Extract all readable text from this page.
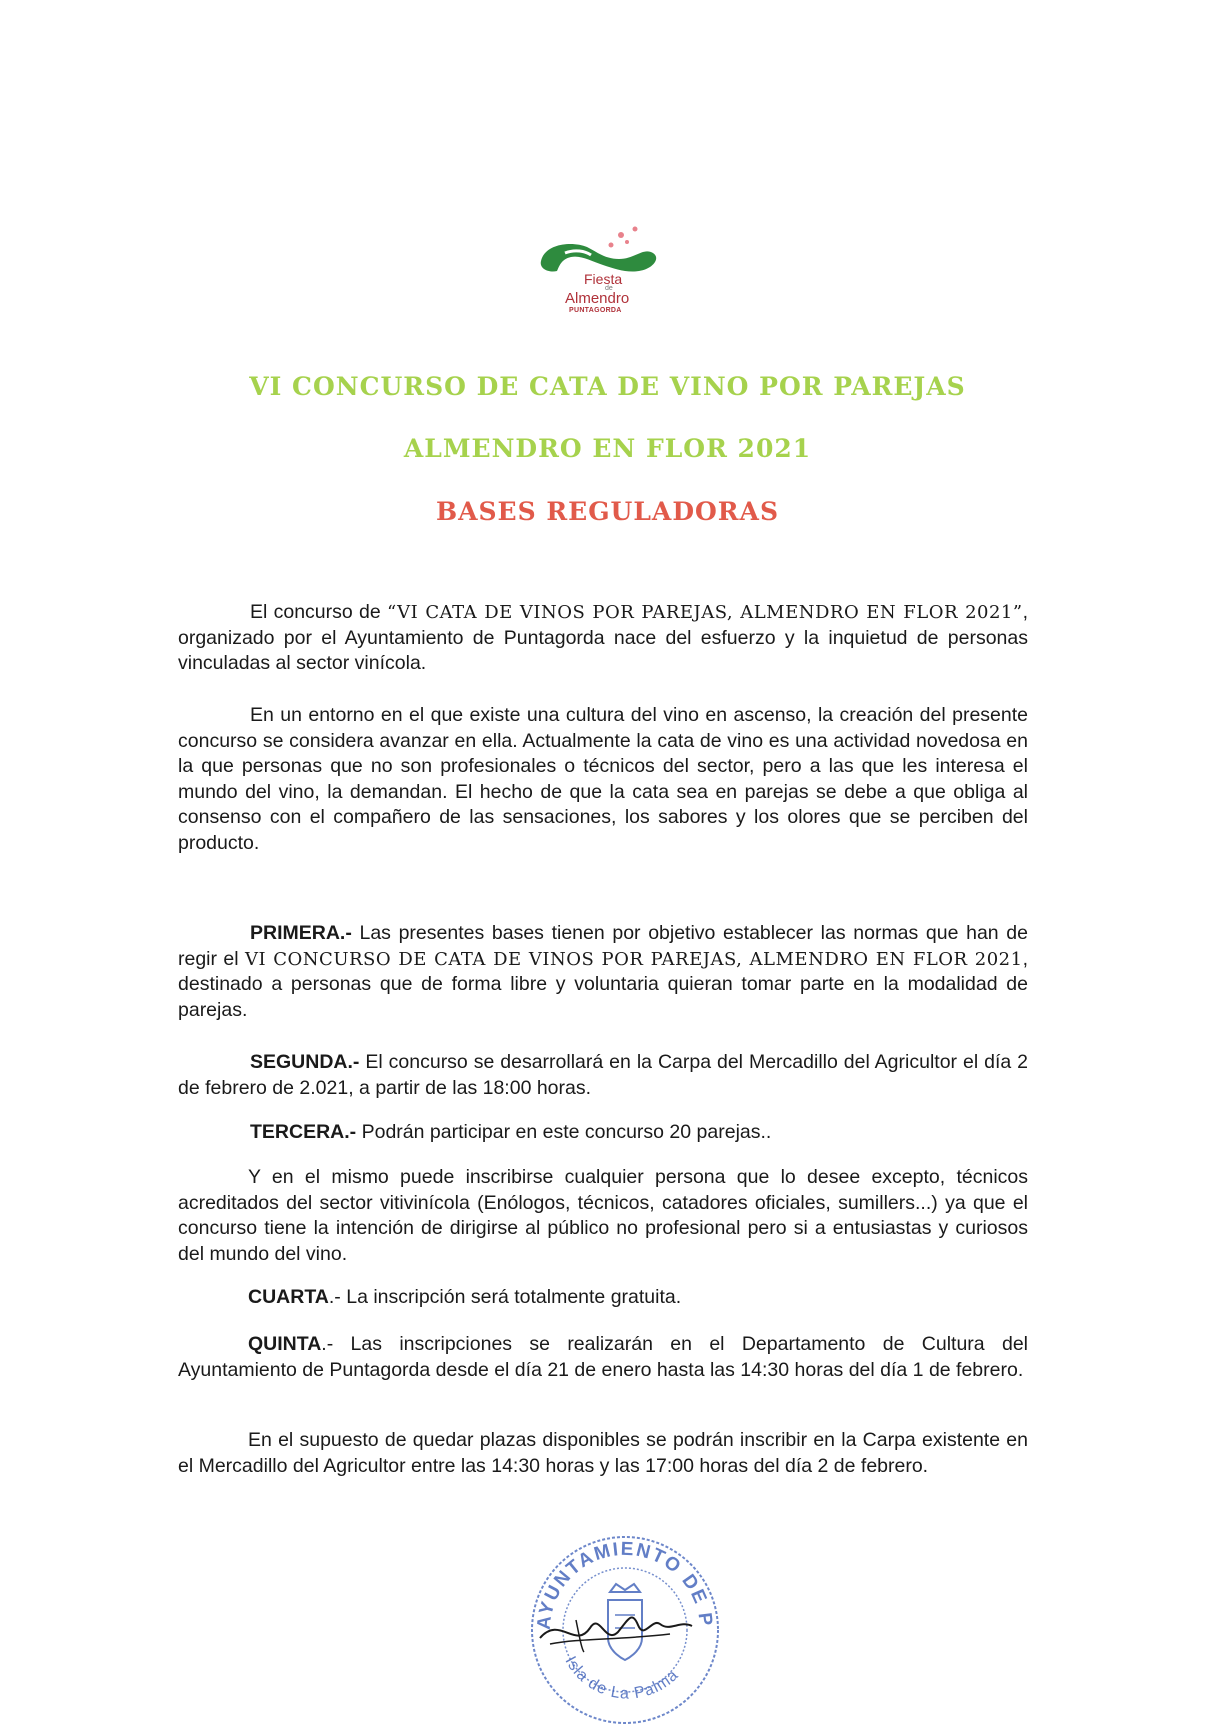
Fiesta
de
Almendro
PUNTAGORDA
VI CONCURSO DE CATA DE VINO POR PAREJAS
ALMENDRO EN FLOR 2021
BASES REGULADORAS

El concurso de “VI CATA DE VINOS POR PAREJAS, ALMENDRO EN FLOR 2021”, organizado por el Ayuntamiento de Puntagorda nace del esfuerzo y la inquietud de personas vinculadas al sector vinícola.

En un entorno en el que existe una cultura del vino en ascenso, la creación del presente concurso se considera avanzar en ella. Actualmente la cata de vino es una actividad novedosa en la que personas que no son profesionales o técnicos del sector, pero a las que les interesa el mundo del vino, la demandan. El hecho de que la cata sea en parejas se debe a que obliga al consenso con el compañero de las sensaciones, los sabores y los olores que se perciben del producto.

PRIMERA.- Las presentes bases tienen por objetivo establecer las normas que han de regir el VI CONCURSO DE CATA DE VINOS POR PAREJAS, ALMENDRO EN FLOR 2021, destinado a personas que de forma libre y voluntaria quieran tomar parte en la modalidad de parejas.

SEGUNDA.- El concurso se desarrollará en la Carpa del Mercadillo del Agricultor el día 2 de febrero de 2.021, a partir de las 18:00 horas.

TERCERA.- Podrán participar en este concurso 20 parejas..

Y en el mismo puede inscribirse cualquier persona que lo desee excepto, técnicos acreditados del sector vitivinícola (Enólogos, técnicos, catadores oficiales, sumillers...) ya que el concurso tiene la intención de dirigirse al público no profesional pero si a entusiastas y curiosos del mundo del vino.

CUARTA.- La inscripción será totalmente gratuita.

QUINTA.- Las inscripciones se realizarán en el Departamento de Cultura del Ayuntamiento de Puntagorda desde el día 21 de enero hasta las 14:30 horas del día 1 de febrero.

En el supuesto de quedar plazas disponibles se podrán inscribir en la Carpa existente en el Mercadillo del Agricultor entre las 14:30 horas y las 17:00 horas del día 2 de febrero.

AYUNTAMIENTO DE P
Isla de La Palma
